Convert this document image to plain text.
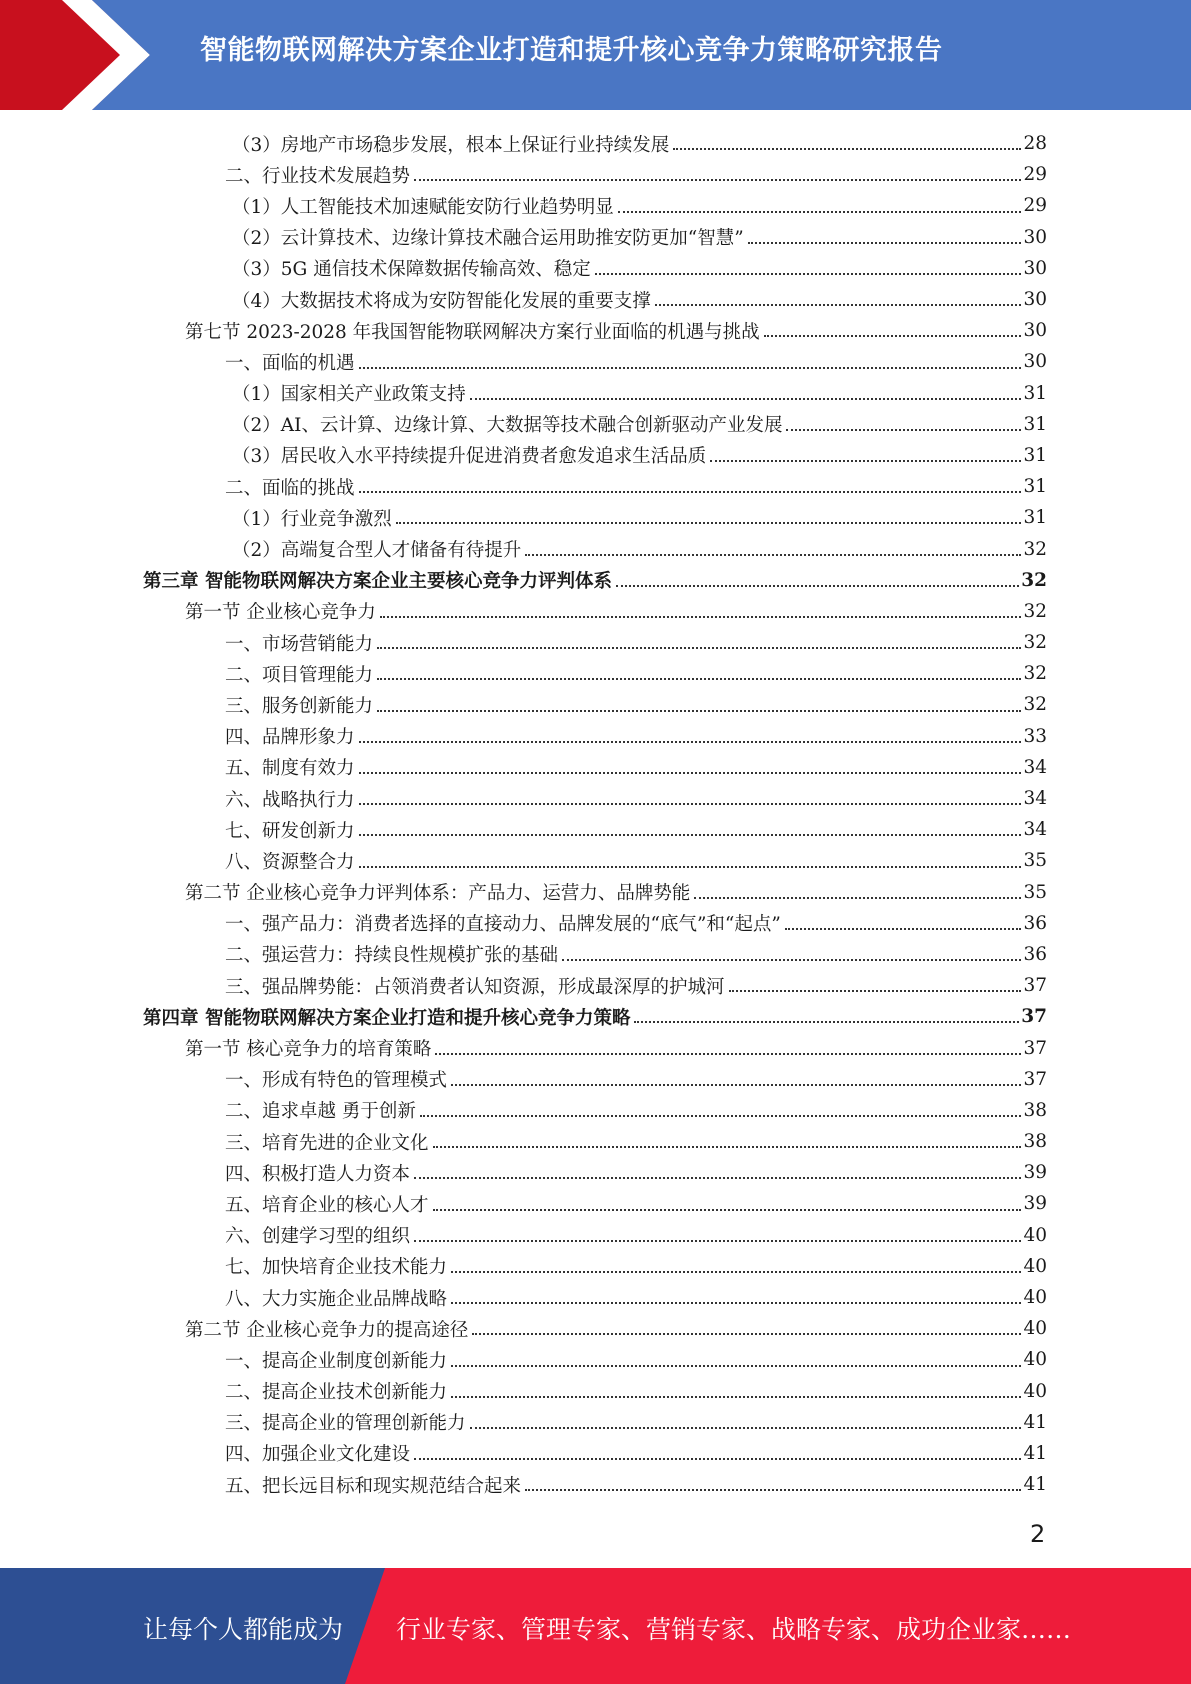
智能物联网解决方案企业打造和提升核心竞争力策略研究报告
（3）房地产市场稳步发展，根本上保证行业持续发展	28
二、行业技术发展趋势	29
（1）人工智能技术加速赋能安防行业趋势明显	29
（2）云计算技术、边缘计算技术融合运用助推安防更加“智慧”	30
（3）5G 通信技术保障数据传输高效、稳定	30
（4）大数据技术将成为安防智能化发展的重要支撑	30
第七节 2023-2028 年我国智能物联网解决方案行业面临的机遇与挑战	30
一、面临的机遇	30
（1）国家相关产业政策支持	31
（2）AI、云计算、边缘计算、大数据等技术融合创新驱动产业发展	31
（3）居民收入水平持续提升促进消费者愈发追求生活品质	31
二、面临的挑战	31
（1）行业竞争激烈	31
（2）高端复合型人才储备有待提升	32
第三章 智能物联网解决方案企业主要核心竞争力评判体系	32
第一节 企业核心竞争力	32
一、市场营销能力	32
二、项目管理能力	32
三、服务创新能力	32
四、品牌形象力	33
五、制度有效力	34
六、战略执行力	34
七、研发创新力	34
八、资源整合力	35
第二节 企业核心竞争力评判体系：产品力、运营力、品牌势能	35
一、强产品力：消费者选择的直接动力、品牌发展的“底气”和“起点”	36
二、强运营力：持续良性规模扩张的基础	36
三、强品牌势能：占领消费者认知资源，形成最深厚的护城河	37
第四章 智能物联网解决方案企业打造和提升核心竞争力策略	37
第一节 核心竞争力的培育策略	37
一、形成有特色的管理模式	37
二、追求卓越 勇于创新	38
三、培育先进的企业文化	38
四、积极打造人力资本	39
五、培育企业的核心人才	39
六、创建学习型的组织	40
七、加快培育企业技术能力	40
八、大力实施企业品牌战略	40
第二节 企业核心竞争力的提高途径	40
一、提高企业制度创新能力	40
二、提高企业技术创新能力	40
三、提高企业的管理创新能力	41
四、加强企业文化建设	41
五、把长远目标和现实规范结合起来	41
2
让每个人都能成为 行业专家、管理专家、营销专家、战略专家、成功企业家……
